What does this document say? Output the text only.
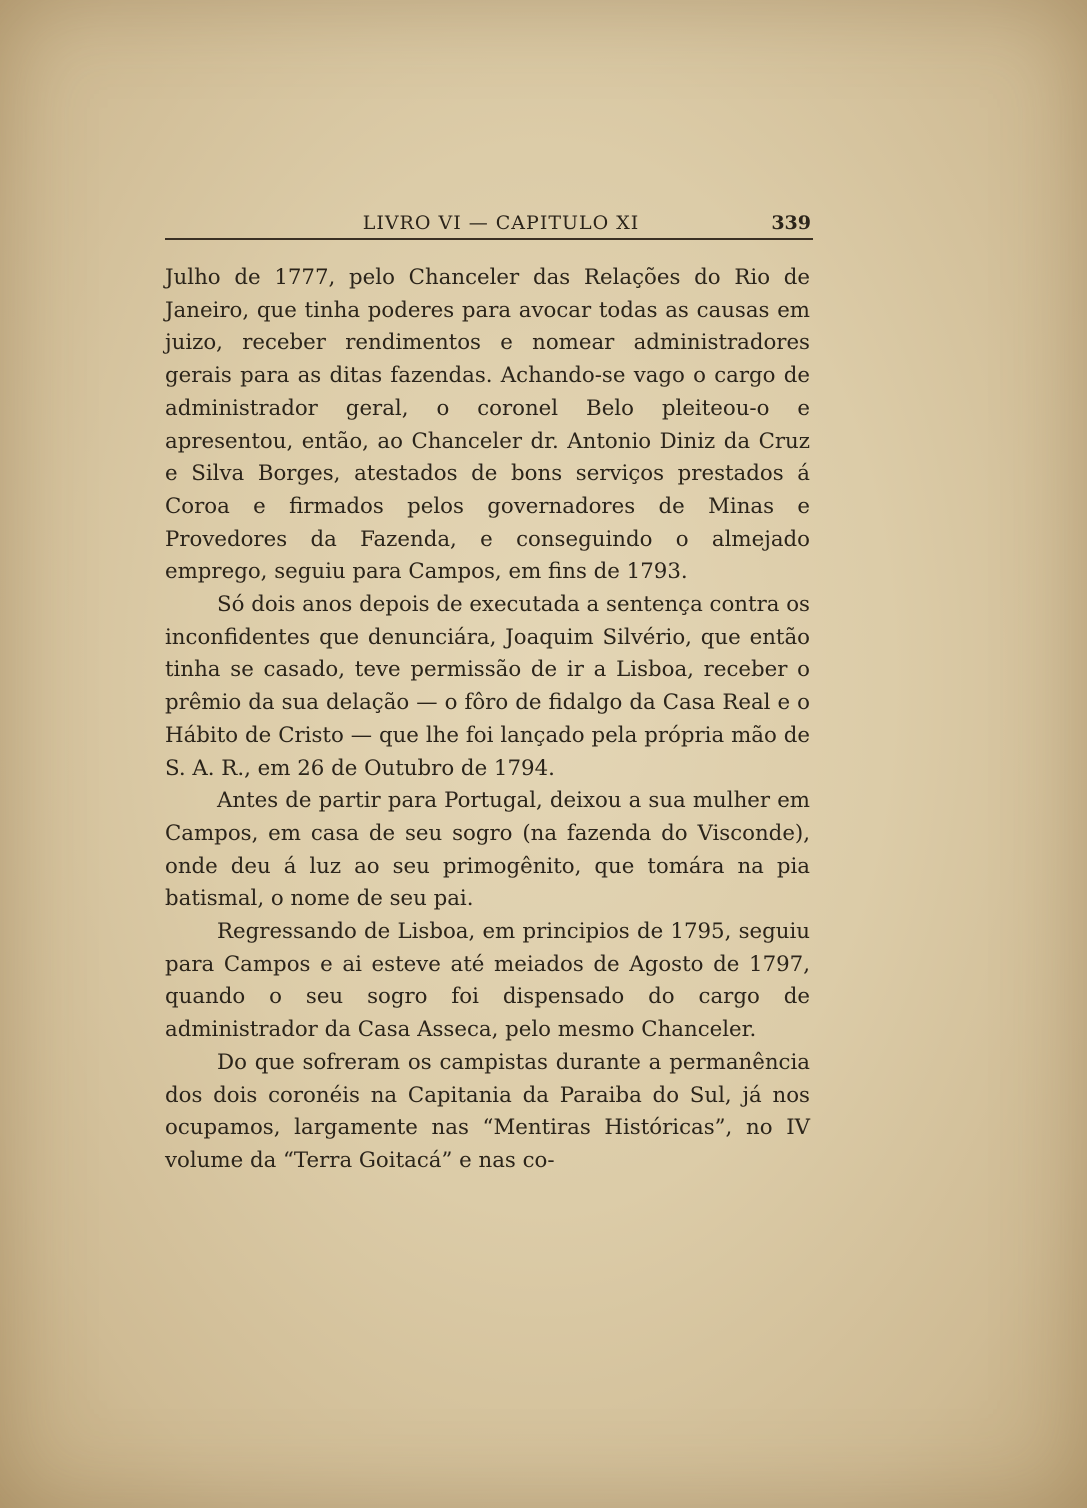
LIVRO VI — CAPITULO XI	339

Julho de 1777, pelo Chanceler das Relações do Rio de Janeiro, que tinha poderes para avocar todas as causas em juizo, receber rendimentos e nomear administradores gerais para as ditas fazendas. Achando-se vago o cargo de administrador geral, o coronel Belo pleiteou-o e apresentou, então, ao Chanceler dr. Antonio Diniz da Cruz e Silva Borges, atestados de bons serviços prestados á Coroa e firmados pelos governadores de Minas e Provedores da Fazenda, e conseguindo o almejado emprego, seguiu para Campos, em fins de 1793.

Só dois anos depois de executada a sentença contra os inconfidentes que denunciára, Joaquim Silvério, que então tinha se casado, teve permissão de ir a Lisboa, receber o prêmio da sua delação — o fôro de fidalgo da Casa Real e o Hábito de Cristo — que lhe foi lançado pela própria mão de S. A. R., em 26 de Outubro de 1794.

Antes de partir para Portugal, deixou a sua mulher em Campos, em casa de seu sogro (na fazenda do Visconde), onde deu á luz ao seu primogênito, que tomára na pia batismal, o nome de seu pai.

Regressando de Lisboa, em principios de 1795, seguiu para Campos e ai esteve até meiados de Agosto de 1797, quando o seu sogro foi dispensado do cargo de administrador da Casa Asseca, pelo mesmo Chanceler.

Do que sofreram os campistas durante a permanência dos dois coronéis na Capitania da Paraiba do Sul, já nos ocupamos, largamente nas “Mentiras Históricas”, no IV volume da “Terra Goitacá” e nas co-
